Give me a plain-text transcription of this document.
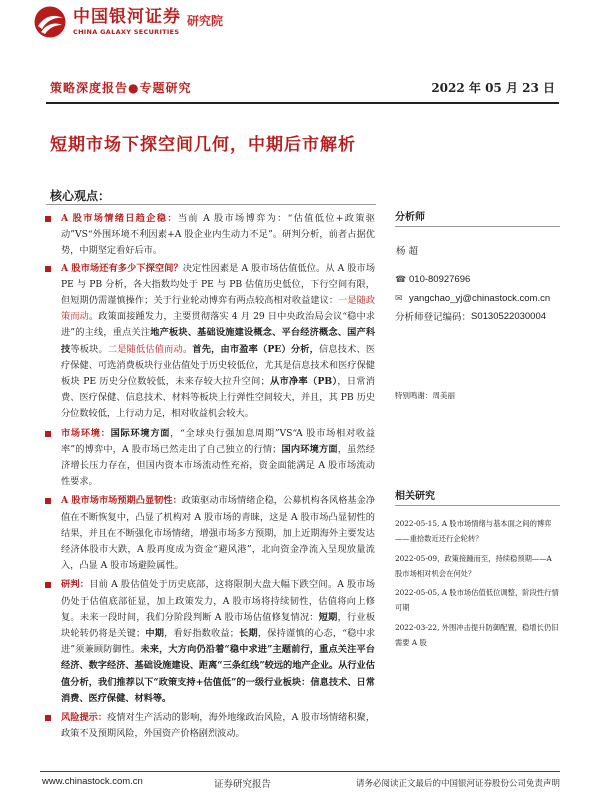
中国银河证券
CHINA GALAXY SECURITIES
研究院
策略深度报告●专题研究	2022 年 05 月 23 日
短期市场下探空间几何，中期后市解析
核心观点：
A 股市场情绪日趋企稳：当前 A 股市场博弈为：“估值低位+政策驱动”VS“外围环境不利因素+A 股企业内生动力不足”。研判分析，前者占据优势，中期坚定看好后市。
A 股市场还有多少下探空间？决定性因素是 A 股市场估值低位。从 A 股市场 PE 与 PB 分析，各大指数均处于 PE 与 PB 估值历史低位，下行空间有限，但短期仍需谨慎操作；关于行业轮动博弈有两点较高相对收益建议：一是随政策而动。政策面接踵发力，主要贯彻落实 4 月 29 日中央政治局会议“稳中求进”的主线，重点关注地产板块、基础设施建设概念、平台经济概念、国产科技等板块。二是随低估值而动。首先，由市盈率（PE）分析，信息技术、医疗保健、可选消费板块行业估值处于历史较低位，尤其是信息技术和医疗保健板块 PE 历史分位数较低，未来存较大拉升空间；从市净率（PB），日常消费、医疗保健、信息技术、材料等板块上行弹性空间较大，并且，其 PB 历史分位数较低，上行动力足，相对收益机会较大。
市场环境：国际环境方面，“全球央行强加息周期”VS“A 股市场相对收益率”的博弈中，A 股市场已然走出了自己独立的行情；国内环境方面，虽然经济增长压力存在，但国内资本市场流动性充裕，资金面能满足 A 股市场流动性要求。
A 股市场市场预期凸显韧性：政策驱动市场情绪企稳，公募机构各风格基金净值在不断恢复中，凸显了机构对 A 股市场的青睐，这是 A 股市场凸显韧性的结果，并且在不断强化市场情绪，增强市场多方预期，加上近期海外主要发达经济体股市大跌，A 股再度成为资金“避风港”，北向资金净流入呈现放量流入，凸显 A 股市场避险属性。
研判：目前 A 股估值处于历史底部，这将限制大盘大幅下跌空间。A 股市场仍处于估值底部征显，加上政策发力，A 股市场将持续韧性，估值将向上修复。未来一段时间，我们分阶段判断 A 股市场估值修复情况：短期，行业板块轮转仍将是关键；中期，看好指数收益；长期，保持谨慎的心态，“稳中求进”须兼顾防御性。未来，大方向仍沿着“稳中求进”主题前行，重点关注平台经济、数字经济、基础设施建设、距离“三条红线”较远的地产企业。从行业估值分析，我们推荐以下“政策支持+估值低”的一级行业板块：信息技术、日常消费、医疗保健、材料等。
风险提示：疫情对生产活动的影响，海外地缘政治风险，A 股市场情绪积聚，政策不及预期风险，外国资产价格剧烈波动。
分析师
杨 超
☎ 010-80927696
✉ yangchao_yj@chinastock.com.cn
分析师登记编码： S0130522030004
特别鸣谢：周美丽
相关研究
2022-05-15, A 股市场情绪与基本面之间的博弈——重拾数近还行企轮转？
2022-05-09，政策接踵而至，持续稳预期——A 股市场相对机会在何处？
2022-05-05, A 股市场估值低位调整，阶段性行情可期
2022-03-22, 外围冲击提升防御配置，稳增长仍旧需要 A 股
www.chinastock.com.cn	证券研究报告	请务必阅读正文最后的中国银河证券股份公司免责声明
